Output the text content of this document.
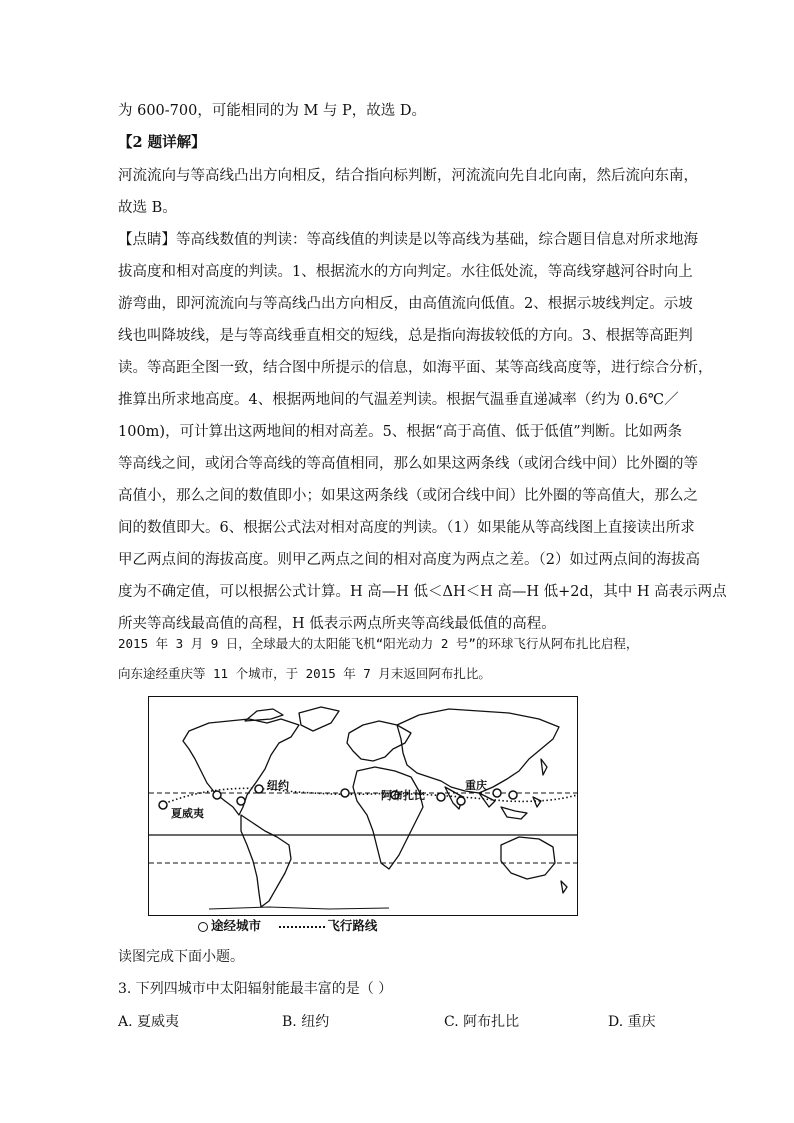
为 600-700，可能相同的为 M 与 P，故选 D。
【2 题详解】
河流流向与等高线凸出方向相反，结合指向标判断，河流流向先自北向南，然后流向东南，
故选 B。
【点睛】等高线数值的判读：等高线值的判读是以等高线为基础，综合题目信息对所求地海
拔高度和相对高度的判读。1、根据流水的方向判定。水往低处流，等高线穿越河谷时向上
游弯曲，即河流流向与等高线凸出方向相反，由高值流向低值。2、根据示坡线判定。示坡
线也叫降坡线，是与等高线垂直相交的短线，总是指向海拔较低的方向。3、根据等高距判
读。等高距全图一致，结合图中所提示的信息，如海平面、某等高线高度等，进行综合分析，
推算出所求地高度。4、根据两地间的气温差判读。根据气温垂直递减率（约为 0.6℃／
100m)，可计算出这两地间的相对高差。5、根据“高于高值、低于低值”判断。比如两条
等高线之间，或闭合等高线的等高值相同，那么如果这两条线（或闭合线中间）比外圈的等
高值小，那么之间的数值即小；如果这两条线（或闭合线中间）比外圈的等高值大，那么之
间的数值即大。6、根据公式法对相对高度的判读。（1）如果能从等高线图上直接读出所求
甲乙两点间的海拔高度。则甲乙两点之间的相对高度为两点之差。（2）如过两点间的海拔高
度为不确定值，可以根据公式计算。H 高—H 低＜ΔH＜H 高—H 低+2d，其中 H 高表示两点
所夹等高线最高值的高程，H 低表示两点所夹等高线最低值的高程。
2015 年 3 月 9 日，全球最大的太阳能飞机“阳光动力 2 号”的环球飞行从阿布扎比启程，
向东途经重庆等 11 个城市，于 2015 年 7 月末返回阿布扎比。
夏威夷
纽约
阿布扎比
重庆
途经城市	飞行路线
读图完成下面小题。
3. 下列四城市中太阳辐射能最丰富的是（ ）
A. 夏威夷	B. 纽约	C. 阿布扎比	D. 重庆
